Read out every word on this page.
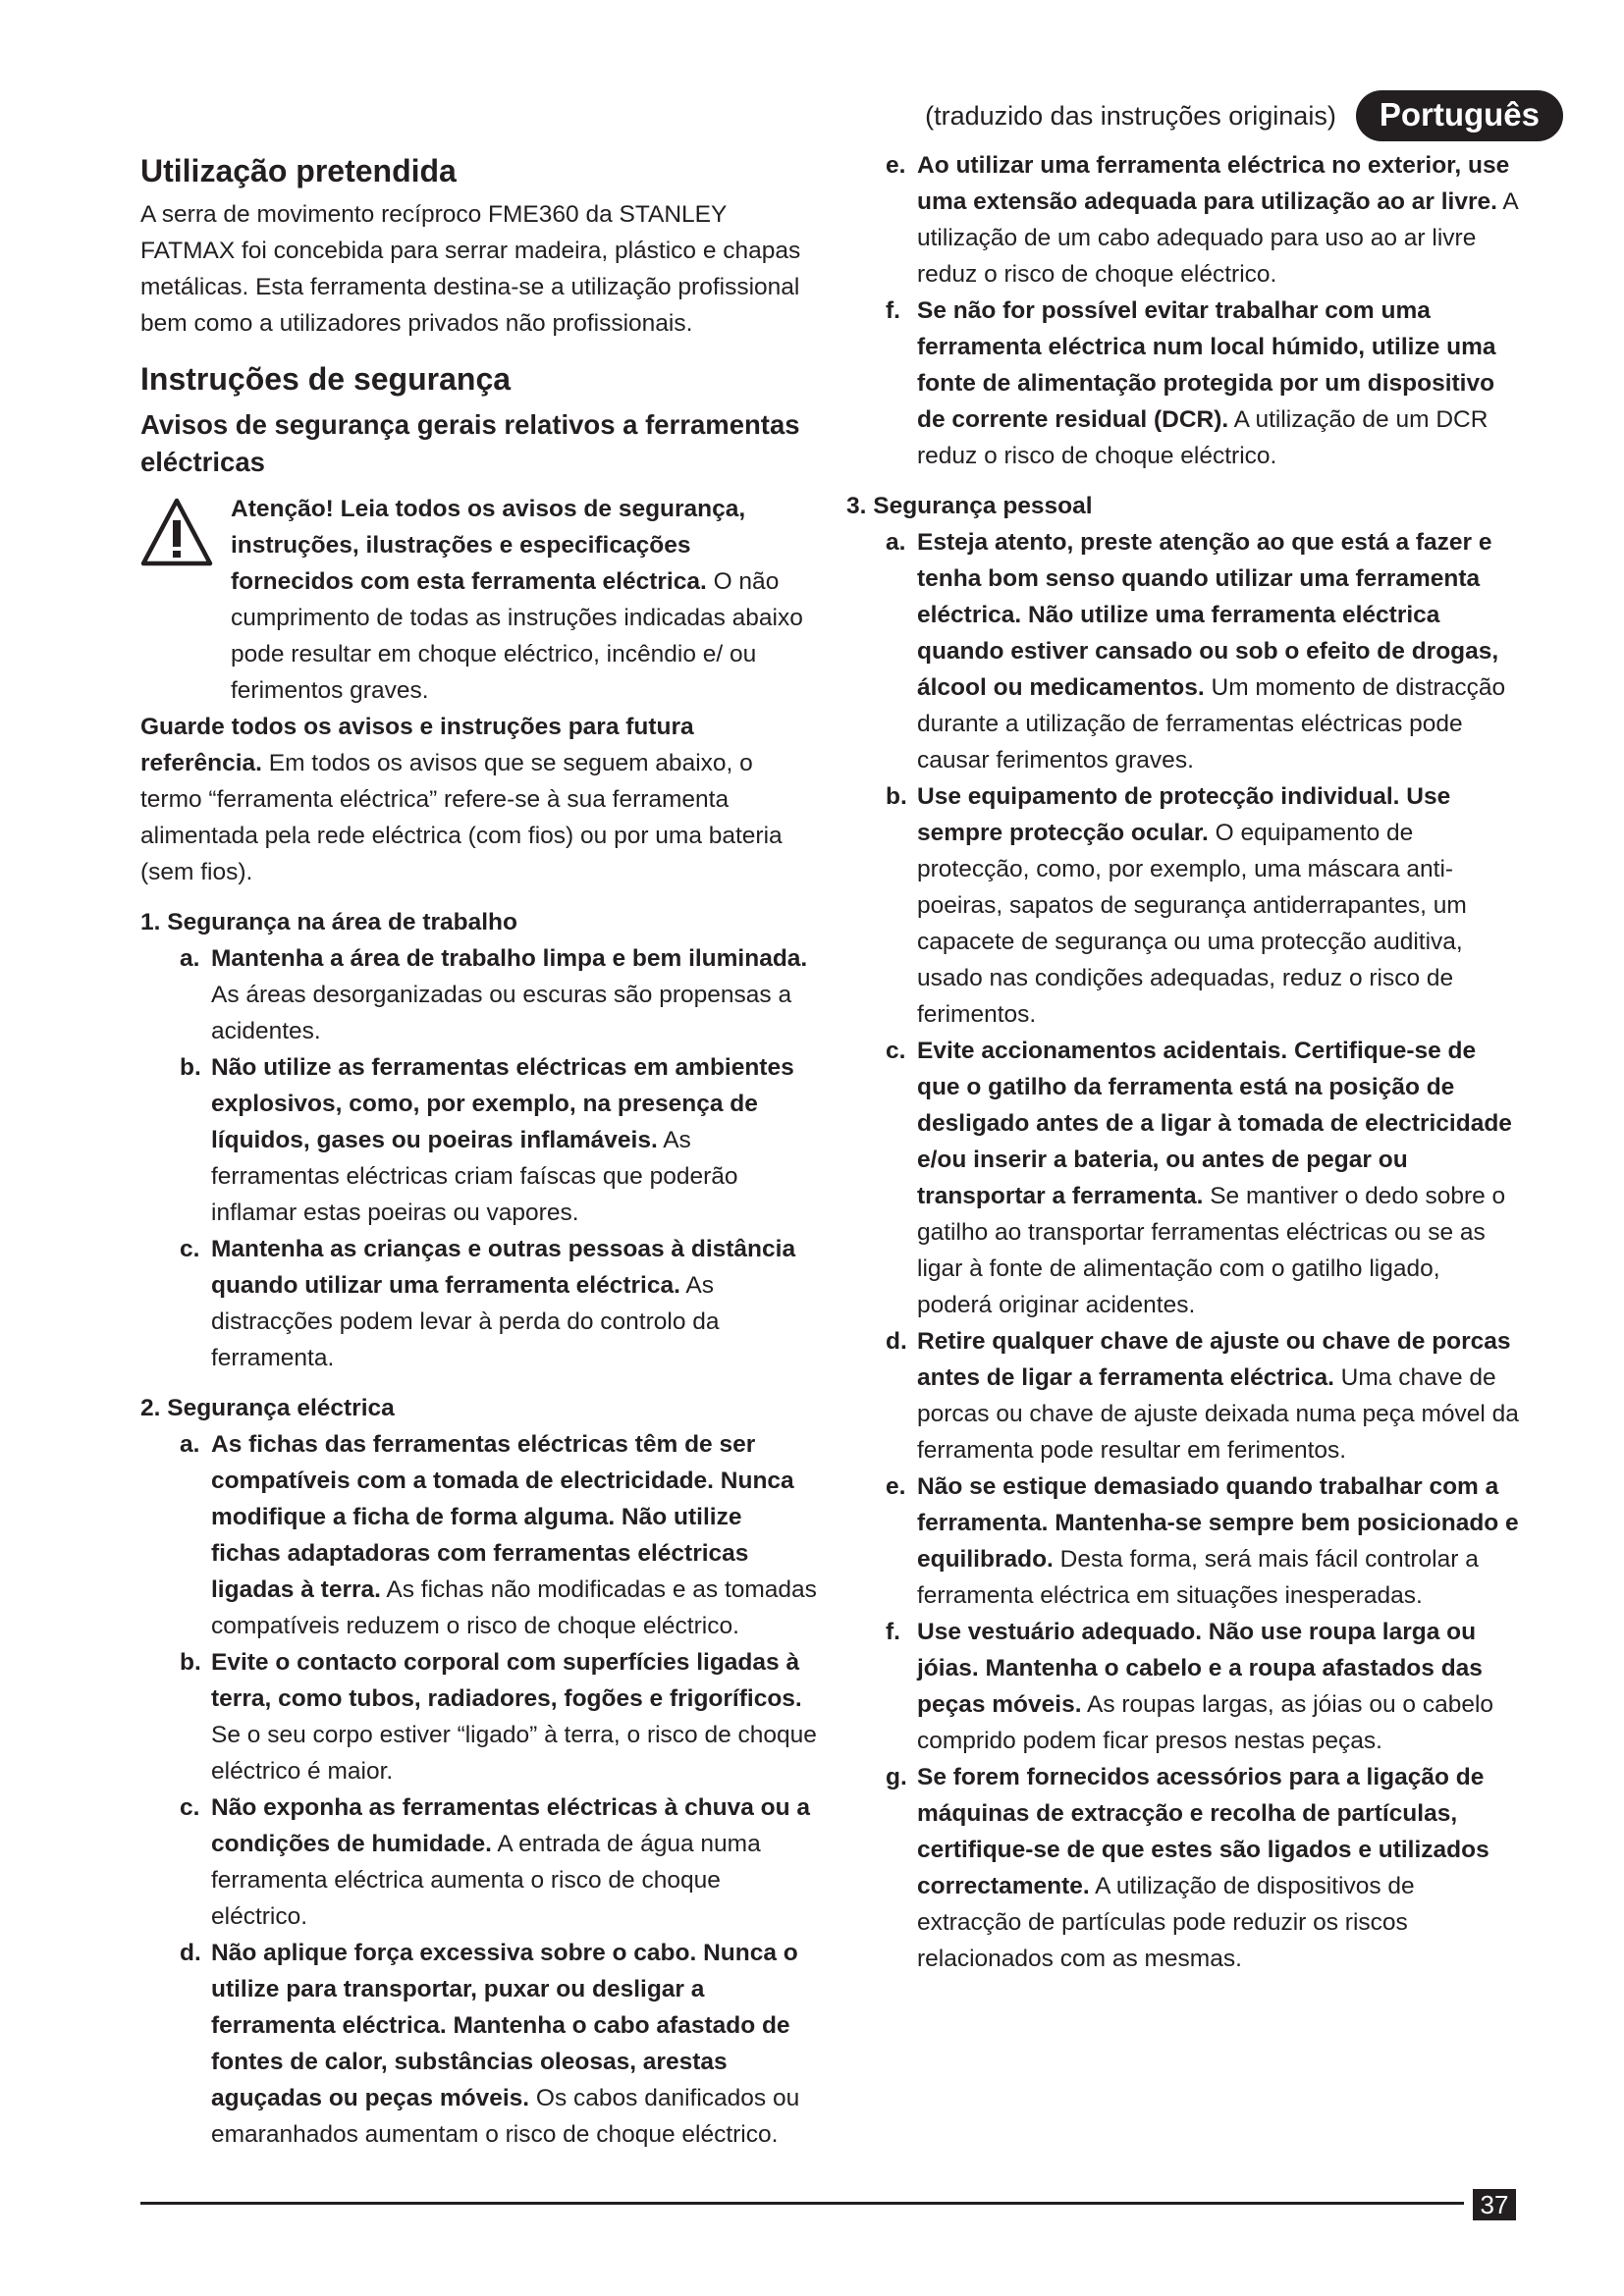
(traduzido das instruções originais)	Português
Utilização pretendida

A serra de movimento recíproco FME360 da STANLEY FATMAX foi concebida para serrar madeira, plástico e chapas metálicas. Esta ferramenta destina-se a utilização profissional bem como a utilizadores privados não profissionais.

Instruções de segurança
Avisos de segurança gerais relativos a ferramentas eléctricas

Atenção! Leia todos os avisos de segurança, instruções, ilustrações e especificações fornecidos com esta ferramenta eléctrica. O não cumprimento de todas as instruções indicadas abaixo pode resultar em choque eléctrico, incêndio e/ ou ferimentos graves.

Guarde todos os avisos e instruções para futura referência. Em todos os avisos que se seguem abaixo, o termo “ferramenta eléctrica” refere-se à sua ferramenta alimentada pela rede eléctrica (com fios) ou por uma bateria (sem fios).

1. Segurança na área de trabalho

a. Mantenha a área de trabalho limpa e bem iluminada. As áreas desorganizadas ou escuras são propensas a acidentes.
b. Não utilize as ferramentas eléctricas em ambientes explosivos, como, por exemplo, na presença de líquidos, gases ou poeiras inflamáveis. As ferramentas eléctricas criam faíscas que poderão inflamar estas poeiras ou vapores.
c. Mantenha as crianças e outras pessoas à distância quando utilizar uma ferramenta eléctrica. As distracções podem levar à perda do controlo da ferramenta.

2. Segurança eléctrica

a. As fichas das ferramentas eléctricas têm de ser compatíveis com a tomada de electricidade. Nunca modifique a ficha de forma alguma. Não utilize fichas adaptadoras com ferramentas eléctricas ligadas à terra. As fichas não modificadas e as tomadas compatíveis reduzem o risco de choque eléctrico.
b. Evite o contacto corporal com superfícies ligadas à terra, como tubos, radiadores, fogões e frigoríficos. Se o seu corpo estiver “ligado” à terra, o risco de choque eléctrico é maior.
c. Não exponha as ferramentas eléctricas à chuva ou a condições de humidade. A entrada de água numa ferramenta eléctrica aumenta o risco de choque eléctrico.
d. Não aplique força excessiva sobre o cabo. Nunca o utilize para transportar, puxar ou desligar a ferramenta eléctrica. Mantenha o cabo afastado de fontes de calor, substâncias oleosas, arestas aguçadas ou peças móveis. Os cabos danificados ou emaranhados aumentam o risco de choque eléctrico.
e. Ao utilizar uma ferramenta eléctrica no exterior, use uma extensão adequada para utilização ao ar livre. A utilização de um cabo adequado para uso ao ar livre reduz o risco de choque eléctrico.
f. Se não for possível evitar trabalhar com uma ferramenta eléctrica num local húmido, utilize uma fonte de alimentação protegida por um dispositivo de corrente residual (DCR). A utilização de um DCR reduz o risco de choque eléctrico.

3. Segurança pessoal

a. Esteja atento, preste atenção ao que está a fazer e tenha bom senso quando utilizar uma ferramenta eléctrica. Não utilize uma ferramenta eléctrica quando estiver cansado ou sob o efeito de drogas, álcool ou medicamentos. Um momento de distracção durante a utilização de ferramentas eléctricas pode causar ferimentos graves.
b. Use equipamento de protecção individual. Use sempre protecção ocular. O equipamento de protecção, como, por exemplo, uma máscara anti-poeiras, sapatos de segurança antiderrapantes, um capacete de segurança ou uma protecção auditiva, usado nas condições adequadas, reduz o risco de ferimentos.
c. Evite accionamentos acidentais. Certifique-se de que o gatilho da ferramenta está na posição de desligado antes de a ligar à tomada de electricidade e/ou inserir a bateria, ou antes de pegar ou transportar a ferramenta. Se mantiver o dedo sobre o gatilho ao transportar ferramentas eléctricas ou se as ligar à fonte de alimentação com o gatilho ligado, poderá originar acidentes.
d. Retire qualquer chave de ajuste ou chave de porcas antes de ligar a ferramenta eléctrica. Uma chave de porcas ou chave de ajuste deixada numa peça móvel da ferramenta pode resultar em ferimentos.
e. Não se estique demasiado quando trabalhar com a ferramenta. Mantenha-se sempre bem posicionado e equilibrado. Desta forma, será mais fácil controlar a ferramenta eléctrica em situações inesperadas.
f. Use vestuário adequado. Não use roupa larga ou jóias. Mantenha o cabelo e a roupa afastados das peças móveis. As roupas largas, as jóias ou o cabelo comprido podem ficar presos nestas peças.
g. Se forem fornecidos acessórios para a ligação de máquinas de extracção e recolha de partículas, certifique-se de que estes são ligados e utilizados correctamente. A utilização de dispositivos de extracção de partículas pode reduzir os riscos relacionados com as mesmas.
37
